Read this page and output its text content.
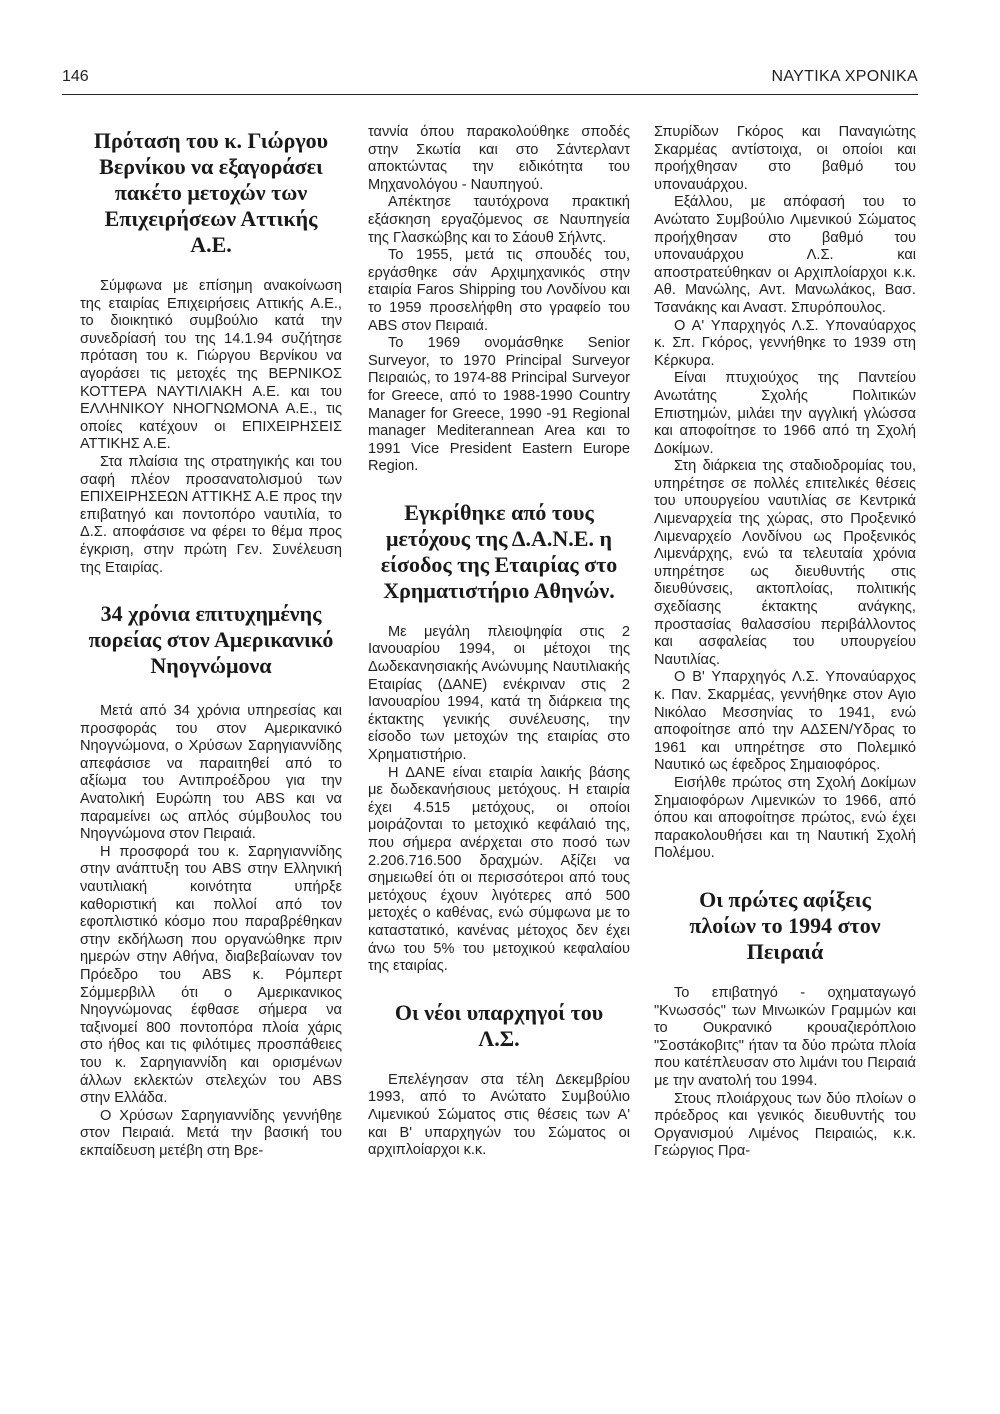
146	ΝΑΥΤΙΚΑ ΧΡΟΝΙΚΑ
Πρόταση του κ. Γιώργου Βερνίκου να εξαγοράσει πακέτο μετοχών των Επιχειρήσεων Αττικής Α.Ε.

Σύμφωνα με επίσημη ανακοίνωση της εταιρίας Επιχειρήσεις Αττικής Α.Ε., το διοικητικό συμβούλιο κατά την συνεδρίασή του της 14.1.94 συζήτησε πρόταση του κ. Γιώργου Βερνίκου να αγοράσει τις μετοχές της ΒΕΡΝΙΚΟΣ ΚΟΤΤΕΡΑ ΝΑΥΤΙΛΙΑΚΗ Α.Ε. και του ΕΛΛΗΝΙΚΟΥ ΝΗΟΓΝΩΜΟΝΑ Α.Ε., τις οποίες κατέχουν οι ΕΠΙΧΕΙΡΗΣΕΙΣ ΑΤΤΙΚΗΣ Α.Ε.

Στα πλαίσια της στρατηγικής και του σαφή πλέον προσανατολισμού των ΕΠΙΧΕΙΡΗΣΕΩΝ ΑΤΤΙΚΗΣ Α.Ε προς την επιβατηγό και ποντοπόρο ναυτιλία, το Δ.Σ. αποφάσισε να φέρει το θέμα προς έγκριση, στην πρώτη Γεν. Συνέλευση της Εταιρίας.

34 χρόνια επιτυχημένης πορείας στον Αμερικανικό Νηογνώμονα

Μετά από 34 χρόνια υπηρεσίας και προσφοράς του στον Αμερικανικό Νηογνώμονα, ο Χρύσων Σαρηγιαννίδης απεφάσισε να παραιτηθεί από το αξίωμα του Αντιπροέδρου για την Ανατολική Ευρώπη του ABS και να παραμείνει ως απλός σύμβουλος του Νηογνώμονα στον Πειραιά.

Η προσφορά του κ. Σαρηγιαννίδης στην ανάπτυξη του ABS στην Ελληνική ναυτιλιακή κοινότητα υπήρξε καθοριστική και πολλοί από τον εφοπλιστικό κόσμο που παραβρέθηκαν στην εκδήλωση που οργανώθηκε πριν ημερών στην Αθήνα, διαβεβαίωναν τον Πρόεδρο του ABS κ. Ρόμπερτ Σόμμερβιλλ ότι ο Αμερικανικος Νηογνώμονας έφθασε σήμερα να ταξινομεί 800 ποντοπόρα πλοία χάρις στο ήθος και τις φιλότιμες προσπάθειες του κ. Σαρηγιαννίδη και ορισμένων άλλων εκλεκτών στελεχών του ABS στην Ελλάδα.

Ο Χρύσων Σαρηγιαννίδης γεννήθηε στον Πειραιά. Μετά την βασική του εκπαίδευση μετέβη στη Βρε-

ταννία όπου παρακολούθηκε σποδές στην Σκωτία και στο Σάντερλαντ αποκτώντας την ειδικότητα του Μηχανολόγου - Ναυπηγού.

Απέκτησε ταυτόχρονα πρακτική εξάσκηση εργαζόμενος σε Ναυπηγεία της Γλασκώβης και το Σάουθ Σήλντς.

Το 1955, μετά τις σπουδές του, εργάσθηκε σάν Αρχιμηχανικός στην εταιρία Faros Shipping του Λονδίνου και το 1959 προσελήφθη στο γραφείο του ABS στον Πειραιά.

Το 1969 ονομάσθηκε Senior Surveyor, το 1970 Principal Surveyor Πειραιώς, το 1974-88 Principal Surveyor for Greece, από το 1988-1990 Country Manager for Greece, 1990 -91 Regional manager Mediterannean Area και το 1991 Vice President Eastern Europe Region.

Εγκρίθηκε από τους μετόχους της Δ.Α.Ν.Ε. η είσοδος της Εταιρίας στο Χρηματιστήριο Αθηνών.

Με μεγάλη πλειοψηφία στις 2 Ιανουαρίου 1994, οι μέτοχοι της Δωδεκανησιακής Ανώνυμης Ναυτιλιακής Εταιρίας (ΔΑΝΕ) ενέκριναν στις 2 Ιανουαρίου 1994, κατά τη διάρκεια της έκτακτης γενικής συνέλευσης, την είσοδο των μετοχών της εταιρίας στο Χρηματιστήριο.

Η ΔΑΝΕ είναι εταιρία λαικής βάσης με δωδεκανήσιους μετόχους. Η εταιρία έχει 4.515 μετόχους, οι οποίοι μοιράζονται το μετοχικό κεφάλαιό της, που σήμερα ανέρχεται στο ποσό των 2.206.716.500 δραχμών. Αξίζει να σημειωθεί ότι οι περισσότεροι από τους μετόχους έχουν λιγότερες από 500 μετοχές ο καθένας, ενώ σύμφωνα με το καταστατικό, κανένας μέτοχος δεν έχει άνω του 5% του μετοχικού κεφαλαίου της εταιρίας.

Οι νέοι υπαρχηγοί του Λ.Σ.

Επελέγησαν στα τέλη Δεκεμβρίου 1993, από το Ανώτατο Συμβούλιο Λιμενικού Σώματος στις θέσεις των Α' και Β' υπαρχηγών του Σώματος οι αρχιπλοίαρχοι κ.κ.

Σπυρίδων Γκόρος και Παναγιώτης Σκαρμέας αντίστοιχα, οι οποίοι και προήχθησαν στο βαθμό του υποναυάρχου.

Εξάλλου, με απόφασή του το Ανώτατο Συμβούλιο Λιμενικού Σώματος προήχθησαν στο βαθμό του υποναυάρχου Λ.Σ. και αποστρατεύθηκαν οι Αρχιπλοίαρχοι κ.κ. Αθ. Μανώλης, Αντ. Μανωλάκος, Βασ. Τσανάκης και Αναστ. Σπυρόπουλος.

Ο Α' Υπαρχηγός Λ.Σ. Υποναύαρχος κ. Σπ. Γκόρος, γεννήθηκε το 1939 στη Κέρκυρα.

Είναι πτυχιούχος της Παντείου Ανωτάτης Σχολής Πολιτικών Επιστημών, μιλάει την αγγλική γλώσσα και αποφοίτησε το 1966 από τη Σχολή Δοκίμων.

Στη διάρκεια της σταδιοδρομίας του, υπηρέτησε σε πολλές επιτελικές θέσεις του υπουργείου ναυτιλίας σε Κεντρικά Λιμεναρχεία της χώρας, στο Προξενικό Λιμεναρχείο Λονδίνου ως Προξενικός Λιμενάρχης, ενώ τα τελευταία χρόνια υπηρέτησε ως διευθυντής στις διευθύνσεις, ακτοπλοίας, πολιτικής σχεδίασης έκτακτης ανάγκης, προστασίας θαλασσίου περιβάλλοντος και ασφαλείας του υπουργείου Ναυτιλίας.

Ο Β' Υπαρχηγός Λ.Σ. Υποναύαρχος κ. Παν. Σκαρμέας, γεννήθηκε στον Αγιο Νικόλαο Μεσσηνίας το 1941, ενώ αποφοίτησε από την ΑΔΣΕΝ/Υδρας το 1961 και υπηρέτησε στο Πολεμικό Ναυτικό ως έφεδρος Σημαιοφόρος.

Εισήλθε πρώτος στη Σχολή Δοκίμων Σημαιοφόρων Λιμενικών το 1966, από όπου και αποφοίτησε πρώτος, ενώ έχει παρακολουθήσει και τη Ναυτική Σχολή Πολέμου.

Οι πρώτες αφίξεις πλοίων το 1994 στον Πειραιά

Το επιβατηγό - οχηματαγωγό "Κνωσσός" των Μινωικών Γραμμών και το Ουκρανικό κρουαζιερόπλοιο "Σοστάκοβιτς" ήταν τα δύο πρώτα πλοία που κατέπλευσαν στο λιμάνι του Πειραιά με την ανατολή του 1994.

Στους πλοιάρχους των δύο πλοίων ο πρόεδρος και γενικός διευθυντής του Οργανισμού Λιμένος Πειραιώς, κ.κ. Γεώργιος Πρα-
